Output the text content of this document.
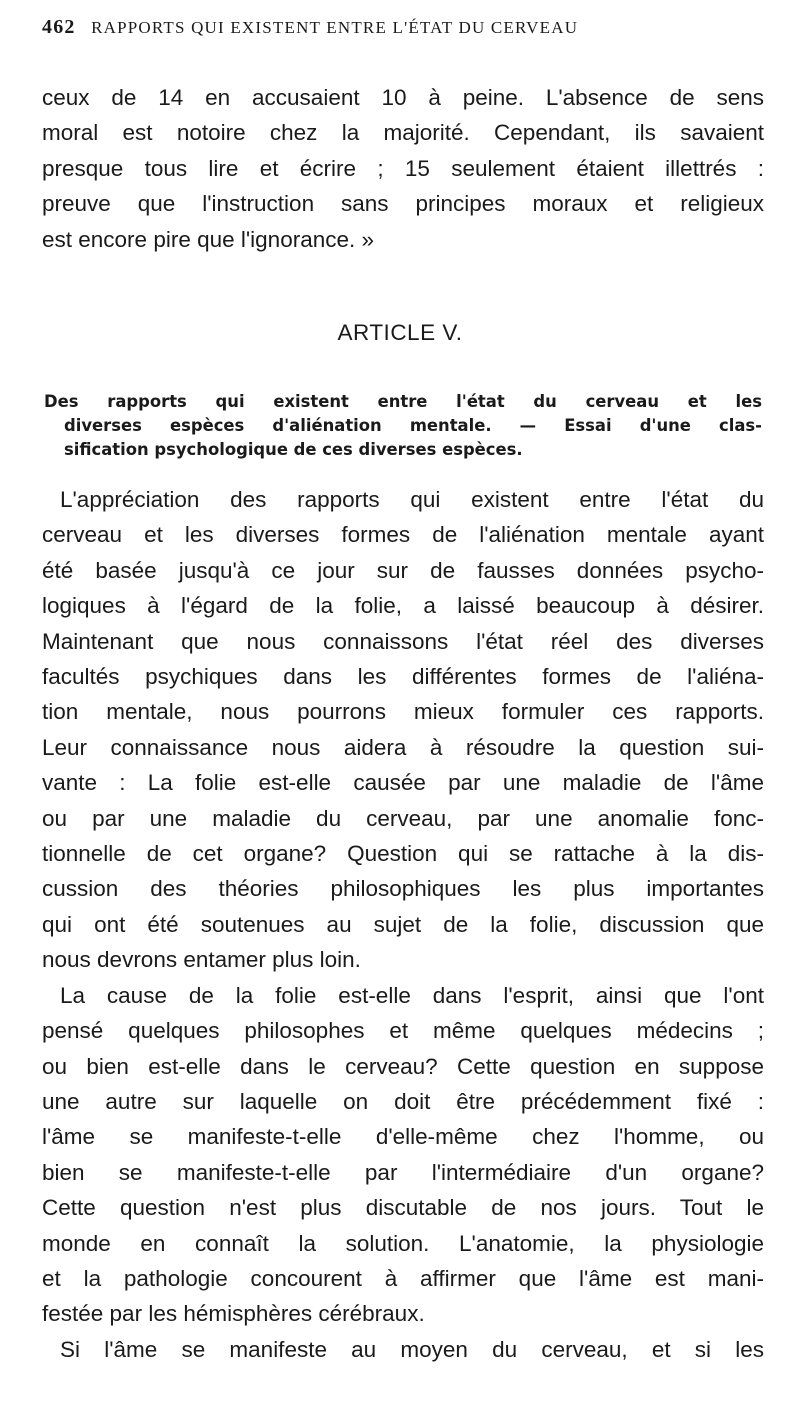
462 RAPPORTS QUI EXISTENT ENTRE L'ÉTAT DU CERVEAU
ceux de 14 en accusaient 10 à peine. L'absence de sens
moral est notoire chez la majorité. Cependant, ils savaient
presque tous lire et écrire ; 15 seulement étaient illettrés :
preuve que l'instruction sans principes moraux et religieux
est encore pire que l'ignorance. »
ARTICLE V.
Des rapports qui existent entre l'état du cerveau et les
diverses espèces d'aliénation mentale. — Essai d'une clas-
sification psychologique de ces diverses espèces.
L'appréciation des rapports qui existent entre l'état du
cerveau et les diverses formes de l'aliénation mentale ayant
été basée jusqu'à ce jour sur de fausses données psycho-
logiques à l'égard de la folie, a laissé beaucoup à désirer.
Maintenant que nous connaissons l'état réel des diverses
facultés psychiques dans les différentes formes de l'aliéna-
tion mentale, nous pourrons mieux formuler ces rapports.
Leur connaissance nous aidera à résoudre la question sui-
vante : La folie est-elle causée par une maladie de l'âme
ou par une maladie du cerveau, par une anomalie fonc-
tionnelle de cet organe? Question qui se rattache à la dis-
cussion des théories philosophiques les plus importantes
qui ont été soutenues au sujet de la folie, discussion que
nous devrons entamer plus loin.
La cause de la folie est-elle dans l'esprit, ainsi que l'ont
pensé quelques philosophes et même quelques médecins ;
ou bien est-elle dans le cerveau? Cette question en suppose
une autre sur laquelle on doit être précédemment fixé :
l'âme se manifeste-t-elle d'elle-même chez l'homme, ou
bien se manifeste-t-elle par l'intermédiaire d'un organe?
Cette question n'est plus discutable de nos jours. Tout le
monde en connaît la solution. L'anatomie, la physiologie
et la pathologie concourent à affirmer que l'âme est mani-
festée par les hémisphères cérébraux.
Si l'âme se manifeste au moyen du cerveau, et si les
